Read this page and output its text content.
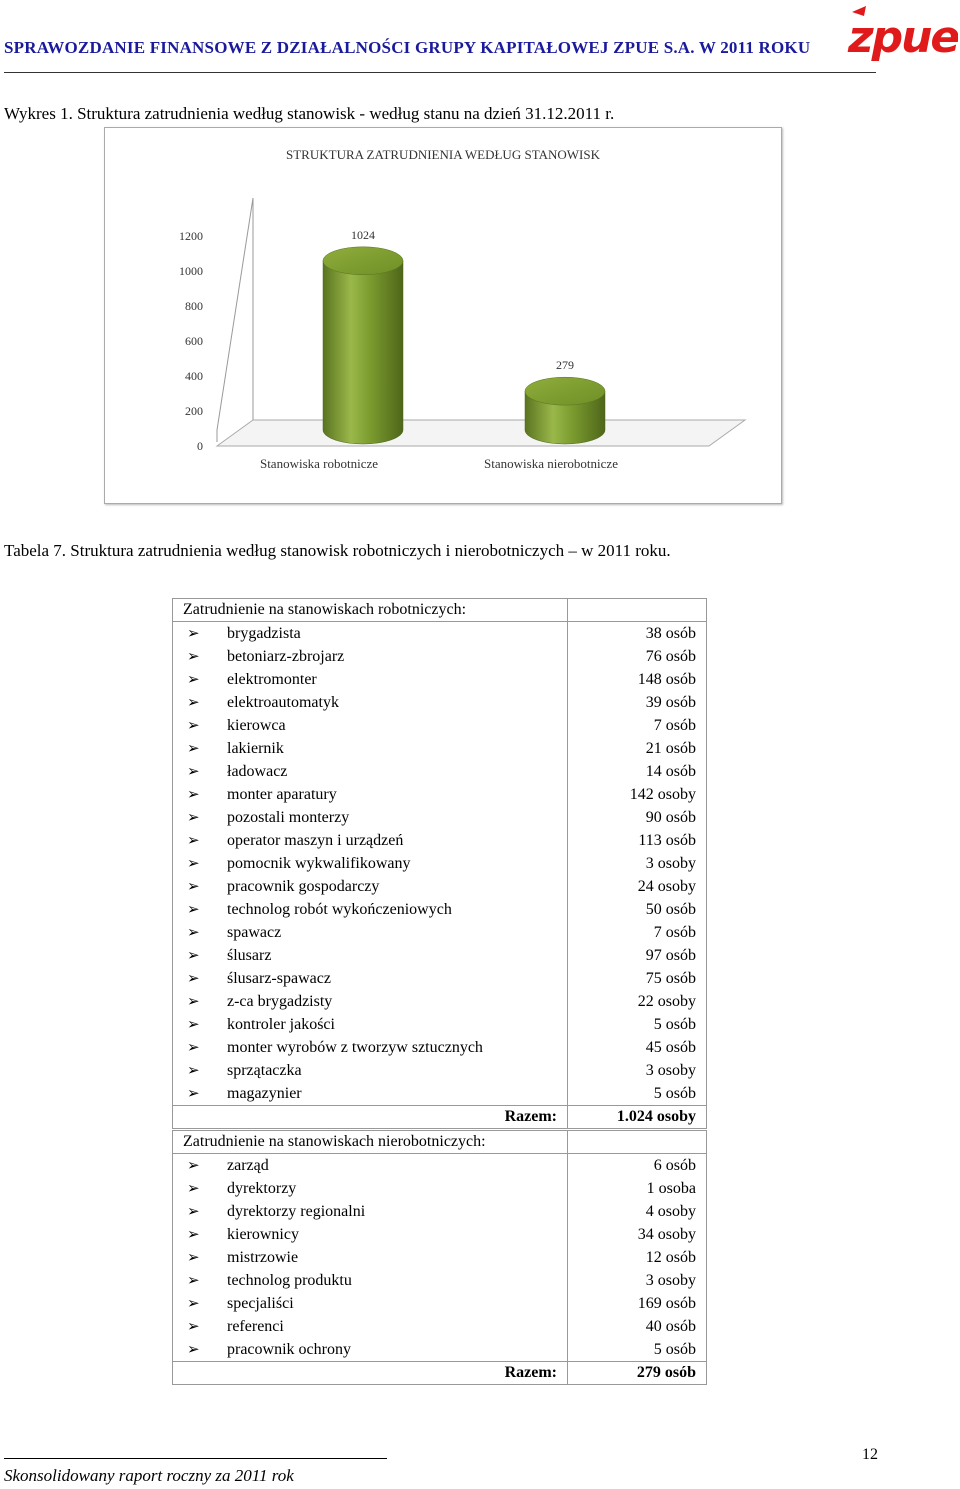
SPRAWOZDANIE FINANSOWE Z DZIAŁALNOŚCI GRUPY KAPITAŁOWEJ ZPUE S.A. W 2011 ROKU zpue
Wykres 1. Struktura zatrudnienia według stanowisk - według stanu na dzień 31.12.2011 r.
STRUKTURA ZATRUDNIENIA WEDŁUG STANOWISK
0
200
400
600
800
1000
1200	1024
Stanowiska robotnicze
279
Stanowiska nierobotnicze
Tabela 7. Struktura zatrudnienia według stanowisk robotniczych i nierobotniczych – w 2011 roku.
Zatrudnienie na stanowiskach robotniczych:	
➢ brygadzista	38 osób
➢ betoniarz-zbrojarz	76 osób
➢ elektromonter	148 osób
➢ elektroautomatyk	39 osób
➢ kierowca	7 osób
➢ lakiernik	21 osób
➢ ładowacz	14 osób
➢ monter aparatury	142 osoby
➢ pozostali monterzy	90 osób
➢ operator maszyn i urządzeń	113 osób
➢ pomocnik wykwalifikowany	3 osoby
➢ pracownik gospodarczy	24 osoby
➢ technolog robót wykończeniowych	50 osób
➢ spawacz	7 osób
➢ ślusarz	97 osób
➢ ślusarz-spawacz	75 osób
➢ z-ca brygadzisty	22 osoby
➢ kontroler jakości	5 osób
➢ monter wyrobów z tworzyw sztucznych	45 osób
➢ sprzątaczka	3 osoby
➢ magazynier	5 osób
Razem:	1.024 osoby
Zatrudnienie na stanowiskach nierobotniczych:	
➢ zarząd	6 osób
➢ dyrektorzy	1 osoba
➢ dyrektorzy regionalni	4 osoby
➢ kierownicy	34 osoby
➢ mistrzowie	12 osób
➢ technolog produktu	3 osoby
➢ specjaliści	169 osób
➢ referenci	40 osób
➢ pracownik ochrony	5 osób
Razem:	279 osób
Skonsolidowany raport roczny za 2011 rok
12
